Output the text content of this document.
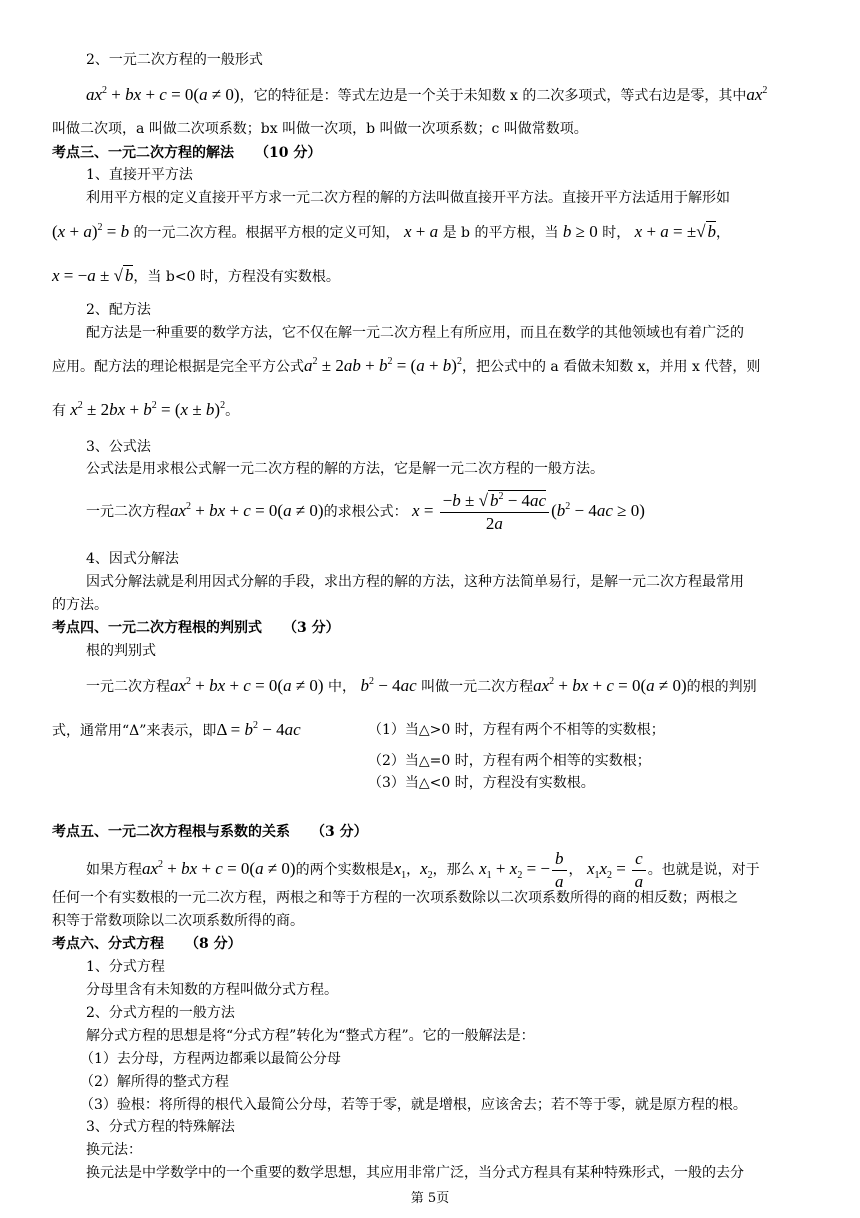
2、一元二次方程的一般形式
$ax^2$ + bx + c = 0(a ≠ 0)，它的特征是：等式左边是一个关于未知数 x 的二次多项式，等式右边是零，其中$ax^2$
叫做二次项，a 叫做二次项系数；bx 叫做一次项，b 叫做一次项系数；c 叫做常数项。
考点三、一元二次方程的解法　　（10 分）
1、直接开平方法
利用平方根的定义直接开平方求一元二次方程的解的方法叫做直接开平方法。直接开平方法适用于解形如
$(x + a)^2 = b$ 的一元二次方程。根据平方根的定义可知， x + a 是 b 的平方根，当 b ≥ 0 时， x + a = ±√ b，
x = −a ± √ b，当 b<0 时，方程没有实数根。
2、配方法
配方法是一种重要的数学方法，它不仅在解一元二次方程上有所应用，而且在数学的其他领域也有着广泛的
应用。配方法的理论根据是完全平方公式$a^2 \pm 2ab + b^2 = (a + b)^2$，把公式中的 a 看做未知数 x，并用 x 代替，则
有 $x^2 \pm 2bx + b^2 = (x \pm b)^2$。
3、公式法
公式法是用求根公式解一元二次方程的解的方法，它是解一元二次方程的一般方法。
一元二次方程$ax^2$ + bx + c = 0(a ≠ 0)的求根公式： $x = \frac{-b \pm √ b^2 - 4ac}{2a} (b^2 - 4ac \ge 0)$
4、因式分解法
因式分解法就是利用因式分解的手段，求出方程的解的方法，这种方法简单易行，是解一元二次方程最常用
的方法。
考点四、一元二次方程根的判别式　　（3 分）
根的判别式
一元二次方程$ax^2$ + bx + c = 0(a ≠ 0) 中， $b^2 - 4ac$ 叫做一元二次方程$ax^2$ + bx + c = 0(a ≠ 0)的根的判别
式，通常用“Δ”来表示，即$\Delta = b^2 - 4ac$	（1）当△>0 时，方程有两个不相等的实数根；
（2）当△=0 时，方程有两个相等的实数根；
（3）当△<0 时，方程没有实数根。
考点五、一元二次方程根与系数的关系　　（3 分）
如果方程$ax^2$ + bx + c = 0(a ≠ 0)的两个实数根是$x_1$，$x_2$，那么 $x_1 + x_2$ = − $\frac{b}{a}$ ， $x_1x_2 = \frac{c}{a}$ 。也就是说，对于
任何一个有实数根的一元二次方程，两根之和等于方程的一次项系数除以二次项系数所得的商的相反数；两根之
积等于常数项除以二次项系数所得的商。
考点六、分式方程　　（8 分）
1、分式方程
分母里含有未知数的方程叫做分式方程。
2、分式方程的一般方法
解分式方程的思想是将“分式方程”转化为“整式方程”。它的一般解法是：
（1）去分母，方程两边都乘以最简公分母
（2）解所得的整式方程
（3）验根：将所得的根代入最简公分母，若等于零，就是增根，应该舍去；若不等于零，就是原方程的根。
3、分式方程的特殊解法
换元法：
换元法是中学数学中的一个重要的数学思想，其应用非常广泛，当分式方程具有某种特殊形式，一般的去分
第 5页
